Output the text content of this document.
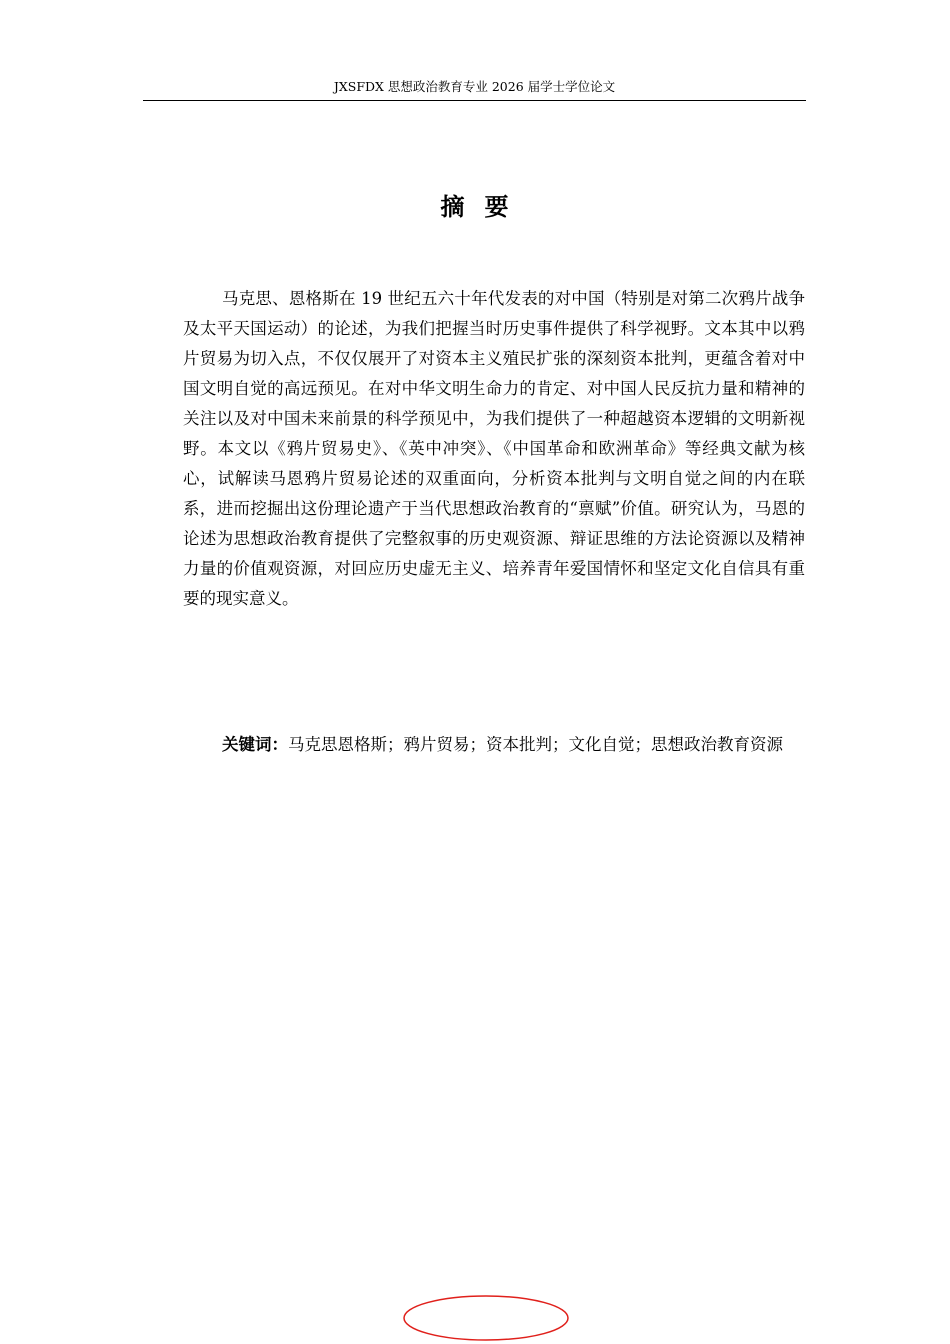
JXSFDX 思想政治教育专业 2026 届学士学位论文
摘要

马克思、恩格斯在 19 世纪五六十年代发表的对中国（特别是对第二次鸦片战争及太平天国运动）的论述，为我们把握当时历史事件提供了科学视野。文本其中以鸦片贸易为切入点，不仅仅展开了对资本主义殖民扩张的深刻资本批判，更蕴含着对中国文明自觉的高远预见。在对中华文明生命力的肯定、对中国人民反抗力量和精神的关注以及对中国未来前景的科学预见中，为我们提供了一种超越资本逻辑的文明新视野。本文以《鸦片贸易史》、《英中冲突》、《中国革命和欧洲革命》等经典文献为核心，试解读马恩鸦片贸易论述的双重面向，分析资本批判与文明自觉之间的内在联系，进而挖掘出这份理论遗产于当代思想政治教育的“禀赋”价值。研究认为，马恩的论述为思想政治教育提供了完整叙事的历史观资源、辩证思维的方法论资源以及精神力量的价值观资源，对回应历史虚无主义、培养青年爱国情怀和坚定文化自信具有重要的现实意义。

关键词：马克思恩格斯；鸦片贸易；资本批判；文化自觉；思想政治教育资源
